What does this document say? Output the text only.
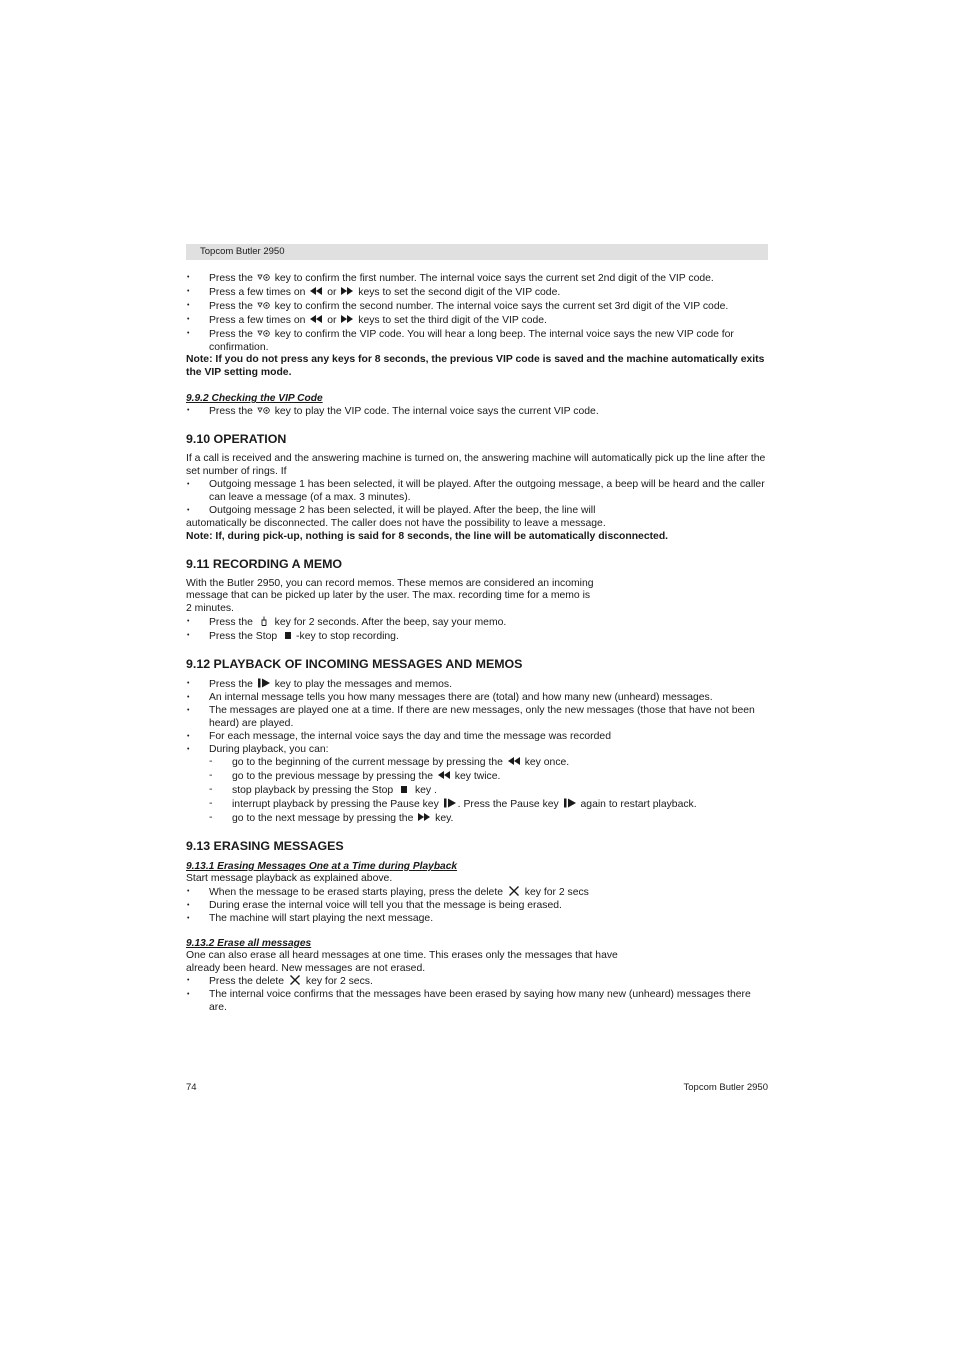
Topcom Butler 2950
• Press the key to confirm the first number. The internal voice says the current set 2nd digit of the VIP code.
• Press a few times on or keys to set the second digit of the VIP code.
• Press the
key to confirm the second number. The internal voice says the current set 3rd digit of the VIP code.
• Press a few times on or keys to set the third digit of the VIP code.
• Press the key to confirm the VIP code. You will hear a long beep. The internal voice says the new VIP code for confirmation.
Note: If you do not press any keys for 8 seconds, the previous VIP code is saved and the machine automatically exits the VIP setting mode.
9.9.2 Checking the VIP Code
• Press the key to play the VIP code. The internal voice says the current VIP code.
9.10 OPERATION
If a call is received and the answering machine is turned on, the answering machine will automatically pick up the line after the set number of rings. If
• Outgoing message 1 has been selected, it will be played. After the outgoing message, a beep will be heard and the caller can leave a message (of a max. 3 minutes).
• Outgoing message 2 has been selected, it will be played. After the beep, the line will
automatically be disconnected. The caller does not have the possibility to leave a message.
Note: If, during pick-up, nothing is said for 8 seconds, the line will be automatically disconnected.
9.11 RECORDING A MEMO
With the Butler 2950, you can record memos. These memos are considered an incoming
message that can be picked up later by the user. The max. recording time for a memo is
2 minutes.
• Press the
key for 2 seconds. After the beep, say your memo.
• Press the Stop -key to stop recording.
9.12 PLAYBACK OF INCOMING MESSAGES AND MEMOS
• Press the key to play the messages and memos.
• An internal message tells you how many messages there are (total) and how many new (unheard) messages.
• The messages are played one at a time. If there are new messages, only the new messages (those that have not been heard) are played.
• For each message, the internal voice says the day and time the message was recorded
• During playback, you can:
- go to the beginning of the current message by pressing the key once.
- go to the previous message by pressing the key twice.
- stop playback by pressing the Stop key .
- interrupt playback by pressing the Pause key . Press the Pause key again to restart playback.
- go to the next message by pressing the key.
9.13 ERASING MESSAGES
9.13.1 Erasing Messages One at a Time during Playback
Start message playback as explained above.
• When the message to be erased starts playing, press the delete key for 2 secs
• During erase the internal voice will tell you that the message is being erased.
• The machine will start playing the next message.
9.13.2 Erase all messages
One can also erase all heard messages at one time. This erases only the messages that have
already been heard. New messages are not erased.
• Press the delete key for 2 secs.
• The internal voice confirms that the messages have been erased by saying how many new (unheard) messages there are.
74	Topcom Butler 2950
